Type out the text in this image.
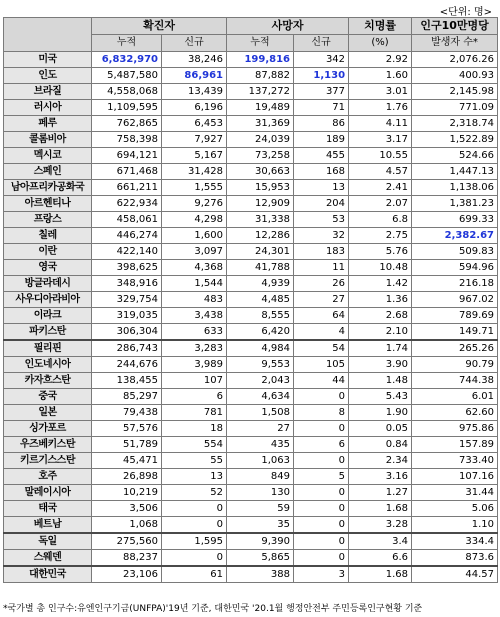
<단위: 명>
	확진자		사망자		치명률	인구10만명당
	누적	신규	누적	신규	(%)	발생자 수*
미국	6,832,970	38,246	199,816	342	2.92	2,076.26
인도	5,487,580	86,961	87,882	1,130	1.60	400.93
브라질	4,558,068	13,439	137,272	377	3.01	2,145.98
러시아	1,109,595	6,196	19,489	71	1.76	771.09
페루	762,865	6,453	31,369	86	4.11	2,318.74
콜롬비아	758,398	7,927	24,039	189	3.17	1,522.89
멕시코	694,121	5,167	73,258	455	10.55	524.66
스페인	671,468	31,428	30,663	168	4.57	1,447.13
남아프리카공화국	661,211	1,555	15,953	13	2.41	1,138.06
아르헨티나	622,934	9,276	12,909	204	2.07	1,381.23
프랑스	458,061	4,298	31,338	53	6.8	699.33
칠레	446,274	1,600	12,286	32	2.75	2,382.67
이란	422,140	3,097	24,301	183	5.76	509.83
영국	398,625	4,368	41,788	11	10.48	594.96
방글라데시	348,916	1,544	4,939	26	1.42	216.18
사우디아라비아	329,754	483	4,485	27	1.36	967.02
이라크	319,035	3,438	8,555	64	2.68	789.69
파키스탄	306,304	633	6,420	4	2.10	149.71
필리핀	286,743	3,283	4,984	54	1.74	265.26
인도네시아	244,676	3,989	9,553	105	3.90	90.79
카자흐스탄	138,455	107	2,043	44	1.48	744.38
중국	85,297	6	4,634	0	5.43	6.01
일본	79,438	781	1,508	8	1.90	62.60
싱가포르	57,576	18	27	0	0.05	975.86
우즈베키스탄	51,789	554	435	6	0.84	157.89
키르기스스탄	45,471	55	1,063	0	2.34	733.40
호주	26,898	13	849	5	3.16	107.16
말레이시아	10,219	52	130	0	1.27	31.44
태국	3,506	0	59	0	1.68	5.06
베트남	1,068	0	35	0	3.28	1.10
독일	275,560	1,595	9,390	0	3.4	334.4
스웨덴	88,237	0	5,865	0	6.6	873.6
대한민국	23,106	61	388	3	1.68	44.57
*국가별 총 인구수:유엔인구기금(UNFPA)'19년 기준, 대한민국 '20.1월 행정안전부 주민등록인구현황 기준
